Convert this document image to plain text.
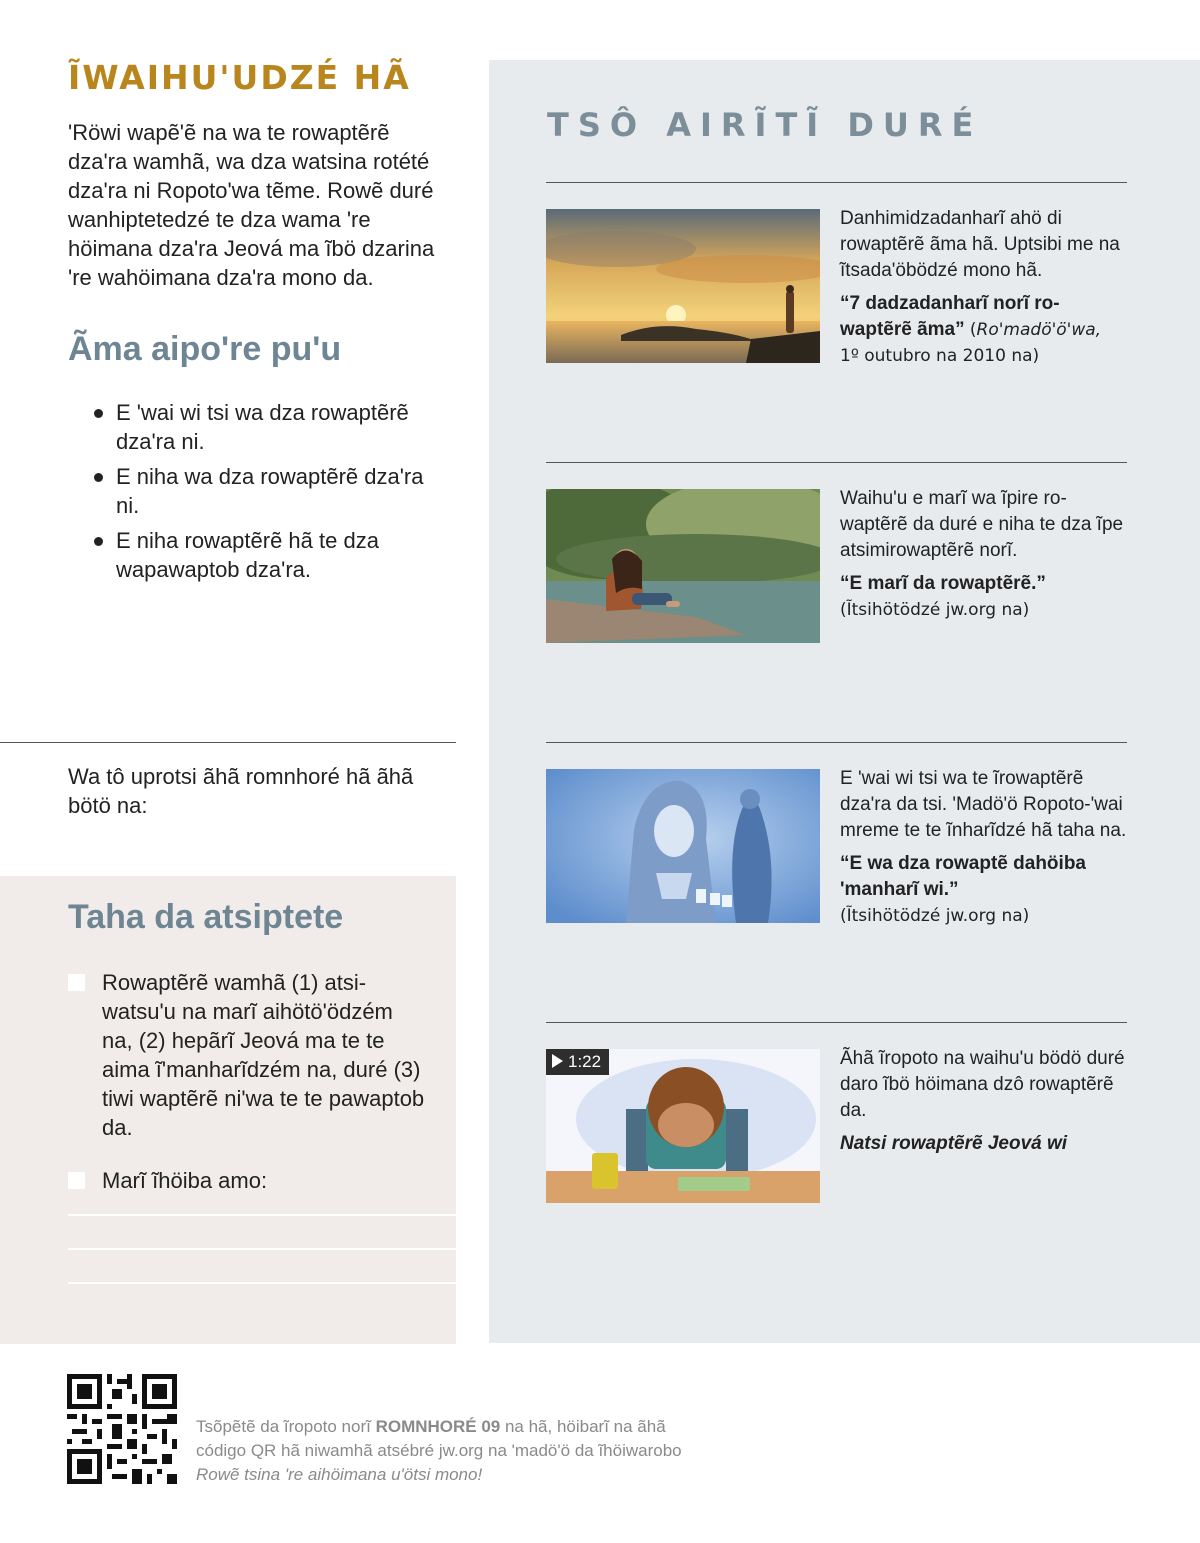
ĨWAIHU'UDZÉ HÃ

'Röwi wapẽ'ẽ na wa te rowaptẽrẽ dza'ra wamhã, wa dza watsina rotété dza'ra ni Ropoto'wa tẽme. Rowẽ duré wanhiptetedzé te dza wama 're höimana dza'ra Jeová ma ĩbö dzarina 're wahöimana dza'ra mono da.

Ãma aipo're pu'u
E 'wai wi tsi wa dza rowaptẽrẽ dza'ra ni.
E niha wa dza rowaptẽrẽ dza'ra ni.
E niha rowaptẽrẽ hã te dza wapawaptob dza'ra.

Wa tô uprotsi ãhã romnhoré hã ãhã bötö na:

Taha da atsiptete
Rowaptẽrẽ wamhã (1) atsi-watsu'u na marĩ aihötö'ödzém na, (2) hepãrĩ Jeová ma te te aima ĩ'manharĩdzém na, duré (3) tiwi waptẽrẽ ni'wa te te pawaptob da.
Marĩ ĩhöiba amo:
TSÔ AIRĨTĨ DURÉ
Danhimidzadanharĩ ahö di rowaptẽrẽ ãma hã. Uptsibi me na ĩtsada'öbödzé mono hã.
“7 dadzadanharĩ norĩ ro-waptẽrẽ ãma” (Ro'madö'ö'wa,
1º outubro na 2010 na)
Waihu'u e marĩ wa ĩpire ro-waptẽrẽ da duré e niha te dza ĩpe atsimirowaptẽrẽ norĩ.
“E marĩ da rowaptẽrẽ.”
(Ĩtsihötödzé jw.org na)
E 'wai wi tsi wa te ĩrowaptẽrẽ dza'ra da tsi. 'Madö'ö Ropoto-'wai mreme te te ĩnharĩdzé hã taha na.
“E wa dza rowaptẽ dahöiba 'manharĩ wi.”
(Ĩtsihötödzé jw.org na)
1:22	Ãhã ĩropoto na waihu'u bödö duré daro ĩbö höimana dzô rowaptẽrẽ da.
Natsi rowaptẽrẽ Jeová wi

Tsõpẽtẽ da ĩropoto norĩ ROMNHORÉ 09 na hã, höibarĩ na ãhã código QR hã niwamhã atsébré jw.org na 'madö'ö da ĩhöiwarobo Rowẽ tsina 're aihöimana u'ötsi mono!
